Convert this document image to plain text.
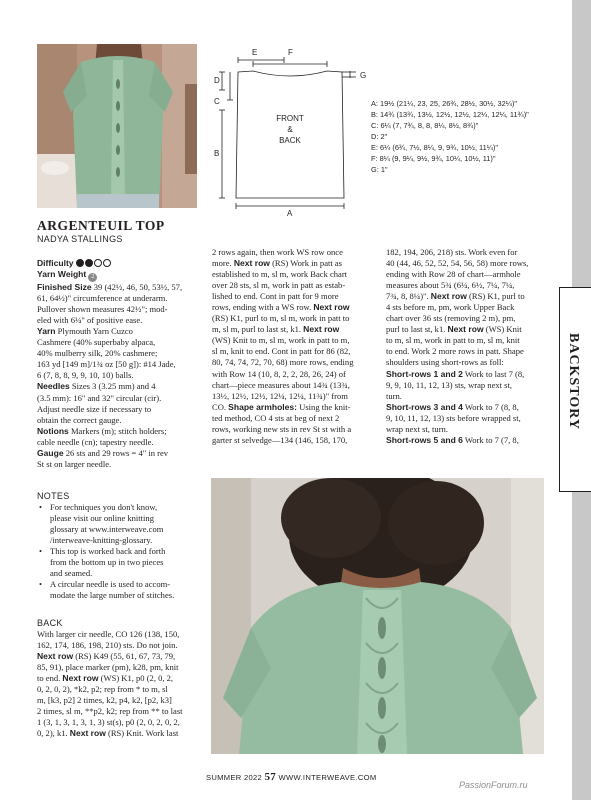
D
C
B
A
E	F
G
FRONT
&
BACK
A: 19½ (21¼, 23, 25, 26¾, 28½, 30½, 32¼)"
B: 14¾ (13¾, 13½, 12½, 12½, 12¼, 12¼, 11¾)"
C: 6¼ (7, 7¾, 8, 8, 8¼, 8½, 8¾)"
D: 2"
E: 6¼ (6¾, 7½, 8¼, 9, 9¾, 10½, 11¼)"
F: 8¼ (9, 9¼, 9½, 9¾, 10¼, 10½, 11)"
G: 1"
ARGENTEUIL TOP
NADYA STALLINGS

Difficulty

Yarn Weight 2

Finished Size 39 (42½, 46, 50, 53½, 57,
61, 64½)" circumference at underarm.
Pullover shown measures 42½"; mod-
eled with 6¼" of positive ease.

Yarn Plymouth Yarn Cuzco
Cashmere (40% superbaby alpaca,
40% mulberry silk, 20% cashmere;
163 yd [149 m]/1¾ oz [50 g]): #14 Jade,
6 (7, 8, 8, 9, 9, 10, 10) balls.

Needles Sizes 3 (3.25 mm) and 4
(3.5 mm): 16" and 32" circular (cir).
Adjust needle size if necessary to
obtain the correct gauge.

Notions Markers (m); stitch holders;
cable needle (cn); tapestry needle.

Gauge 26 sts and 29 rows = 4" in rev
St st on larger needle.

NOTES
• For techniques you don't know,
please visit our online knitting
glossary at www.interweave.com
/interweave-knitting-glossary.
• This top is worked back and forth
from the bottom up in two pieces
and seamed.
• A circular needle is used to accom-
modate the large number of stitches.
BACK

With larger cir needle, CO 126 (138, 150,
162, 174, 186, 198, 210) sts. Do not join.
Next row (RS) K49 (55, 61, 67, 73, 79,
85, 91), place marker (pm), k28, pm, knit
to end. Next row (WS) K1, p0 (2, 0, 2,
0, 2, 0, 2), *k2, p2; rep from * to m, sl
m, [k3, p2] 2 times, k2, p4, k2, [p2, k3]
2 times, sl m, **p2, k2; rep from ** to last
1 (3, 1, 3, 1, 3, 1, 3) st(s), p0 (2, 0, 2, 0, 2,
0, 2), k1. Next row (RS) Knit. Work last

2 rows again, then work WS row once
more. Next row (RS) Work in patt as
established to m, sl m, work Back chart
over 28 sts, sl m, work in patt as estab-
lished to end. Cont in patt for 9 more
rows, ending with a WS row. Next row
(RS) K1, purl to m, sl m, work in patt to
m, sl m, purl to last st, k1. Next row
(WS) Knit to m, sl m, work in patt to m,
sl m, knit to end. Cont in patt for 86 (82,
80, 74, 74, 72, 70, 68) more rows, ending
with Row 14 (10, 8, 2, 2, 28, 26, 24) of
chart—piece measures about 14¾ (13¾,
13½, 12½, 12½, 12¼, 12¼, 11¾)" from
CO. Shape armholes: Using the knit-
ted method, CO 4 sts at beg of next 2
rows, working new sts in rev St st with a
garter st selvedge—134 (146, 158, 170,

182, 194, 206, 218) sts. Work even for
40 (44, 46, 52, 52, 54, 56, 58) more rows,
ending with Row 28 of chart—armhole
measures about 5¾ (6¼, 6½, 7¼, 7¼,
7¾, 8, 8¼)". Next row (RS) K1, purl to
4 sts before m, pm, work Upper Back
chart over 36 sts (removing 2 m), pm,
purl to last st, k1. Next row (WS) Knit
to m, sl m, work in patt to m, sl m, knit
to end. Work 2 more rows in patt. Shape
shoulders using short-rows as foll:
Short-rows 1 and 2 Work to last 7 (8,
9, 9, 10, 11, 12, 13) sts, wrap next st,
turn.
Short-rows 3 and 4 Work to 7 (8, 8,
9, 10, 11, 12, 13) sts before wrapped st,
wrap next st, turn.
Short-rows 5 and 6 Work to 7 (7, 8,

BACKSTORY
SUMMER 2022 57 WWW.INTERWEAVE.COM
PassionForum.ru
